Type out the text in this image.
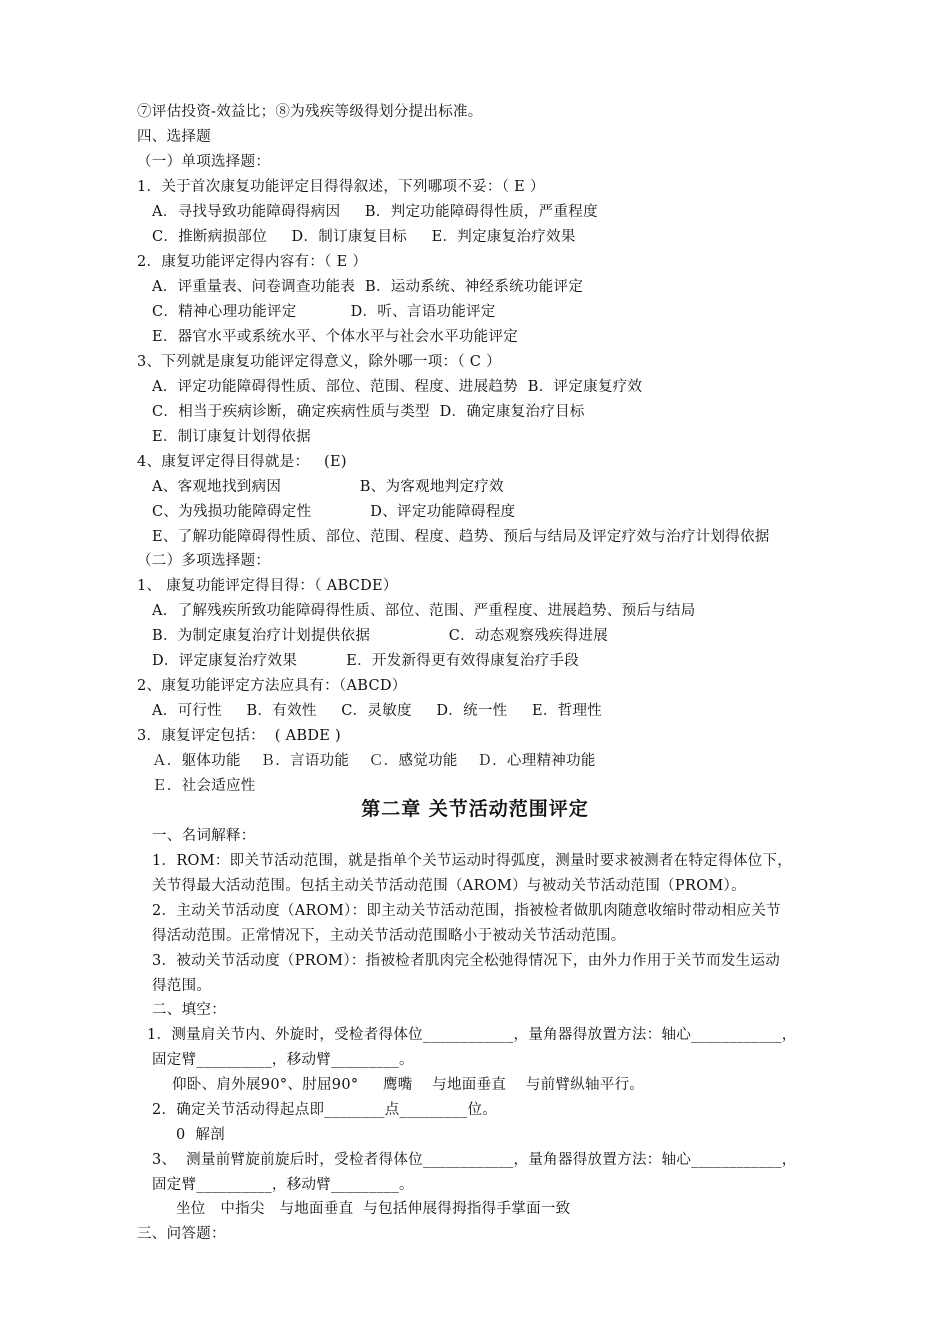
⑦评估投资-效益比；⑧为残疾等级得划分提出标准。
四、选择题
（一）单项选择题：
1．关于首次康复功能评定目得得叙述，下列哪项不妥：（ E ）
A．寻找导致功能障碍得病因     B．判定功能障碍得性质，严重程度
C．推断病损部位     D．制订康复目标     E．判定康复治疗效果
2．康复功能评定得内容有：（ E ）
A．评重量表、问卷调查功能表  B．运动系统、神经系统功能评定
C．精神心理功能评定           D．听、言语功能评定
E．器官水平或系统水平、个体水平与社会水平功能评定
3、下列就是康复功能评定得意义，除外哪一项：（ C ）
A．评定功能障碍得性质、部位、范围、程度、进展趋势  B．评定康复疗效
C．相当于疾病诊断，确定疾病性质与类型  D．确定康复治疗目标
E．制订康复计划得依据
4、康复评定得目得就是：   (E)
A、客观地找到病因                B、为客观地判定疗效
C、为残损功能障碍定性            D、评定功能障碍程度
E、了解功能障碍得性质、部位、范围、程度、趋势、预后与结局及评定疗效与治疗计划得依据
（二）多项选择题：
1、 康复功能评定得目得：（ ABCDE）
A．了解残疾所致功能障碍得性质、部位、范围、严重程度、进展趋势、预后与结局
B．为制定康复治疗计划提供依据                C．动态观察残疾得进展
D．评定康复治疗效果          E．开发新得更有效得康复治疗手段
2、康复功能评定方法应具有：（ABCD）
A．可行性     B．有效性     C．灵敏度     D．统一性     E．哲理性
3．康复评定包括：  ( ABDE )
Ａ．躯体功能    Ｂ．言语功能    Ｃ．感觉功能    Ｄ．心理精神功能
Ｅ．社会适应性
第二章 关节活动范围评定
一、名词解释：
1．ROM：即关节活动范围，就是指单个关节运动时得弧度，测量时要求被测者在特定得体位下，
关节得最大活动范围。包括主动关节活动范围（AROM）与被动关节活动范围（PROM）。
2．主动关节活动度（AROM）：即主动关节活动范围，指被检者做肌肉随意收缩时带动相应关节
得活动范围。正常情况下，主动关节活动范围略小于被动关节活动范围。
3．被动关节活动度（PROM）：指被检者肌肉完全松弛得情况下，由外力作用于关节而发生运动
得范围。
二、填空：
1．测量肩关节内、外旋时，受检者得体位____________，量角器得放置方法：轴心____________，
固定臂__________，移动臂_________。
仰卧、肩外展90°、肘屈90°     鹰嘴    与地面垂直    与前臂纵轴平行。
2．确定关节活动得起点即________点_________位。
0  解剖
3、  测量前臂旋前旋后时，受检者得体位____________，量角器得放置方法：轴心____________，
固定臂__________，移动臂_________。
坐位   中指尖   与地面垂直  与包括伸展得拇指得手掌面一致
三、问答题：
